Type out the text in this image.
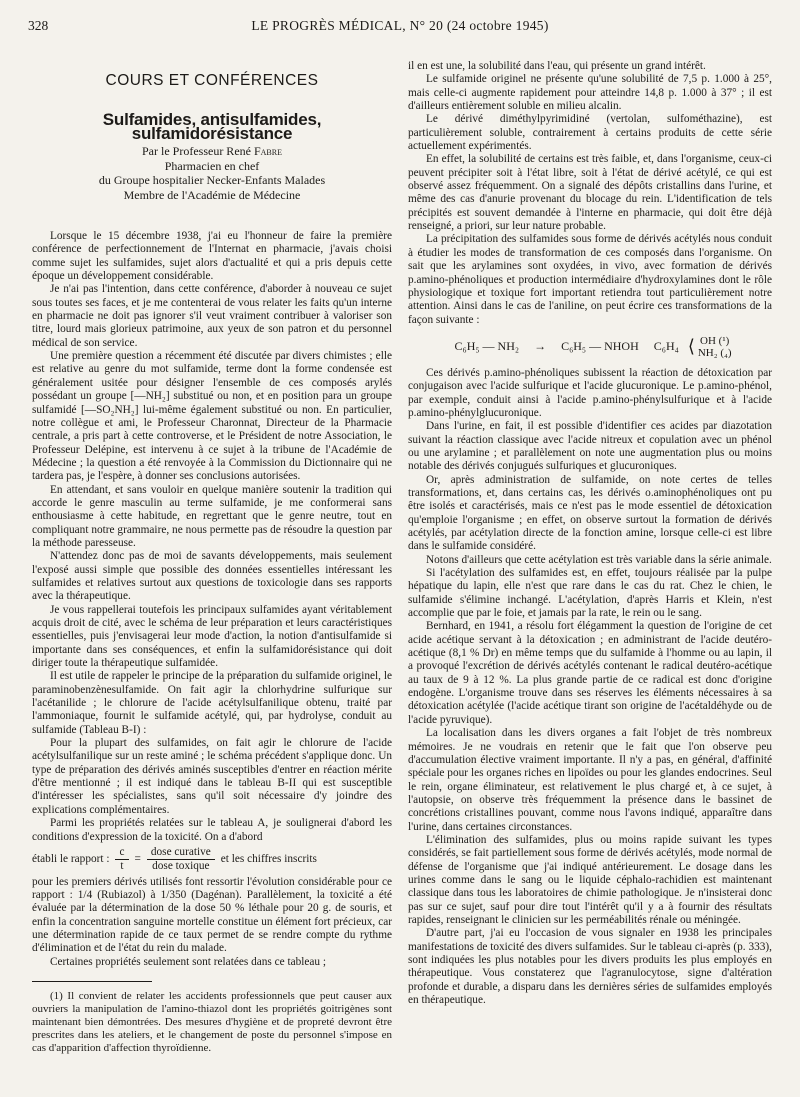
328	LE PROGRÈS MÉDICAL, N° 20 (24 octobre 1945)
COURS ET CONFÉRENCES
Sulfamides, antisulfamides, sulfamidorésistance

Par le Professeur René Fabre

Pharmacien en chef

du Groupe hospitalier Necker-Enfants Malades

Membre de l'Académie de Médecine

Lorsque le 15 décembre 1938, j'ai eu l'honneur de faire la première conférence de perfectionnement de l'Internat en pharmacie, j'avais choisi comme sujet les sulfamides, sujet alors d'actualité et qui a pris depuis cette époque un développement considérable.

Je n'ai pas l'intention, dans cette conférence, d'aborder à nouveau ce sujet sous toutes ses faces, et je me contenterai de vous relater les faits qu'un interne en pharmacie ne doit pas ignorer s'il veut vraiment contribuer à valoriser son titre, lourd mais glorieux patrimoine, aux yeux de son patron et du personnel médical de son service.

Une première question a récemment été discutée par divers chimistes ; elle est relative au genre du mot sulfamide, terme dont la forme condensée est généralement usitée pour désigner l'ensemble de ces composés arylés possédant un groupe [—NH₂] substitué ou non, et en position para un groupe sulfamidé [—SO₂NH₂] lui-même également substitué ou non. En particulier, notre collègue et ami, le Professeur Charonnat, Directeur de la Pharmacie centrale, a pris part à cette controverse, et le Président de notre Association, le Professeur Delépine, est intervenu à ce sujet à la tribune de l'Académie de Médecine ; la question a été renvoyée à la Commission du Dictionnaire qui ne tardera pas, je l'espère, à donner ses conclusions autorisées.

En attendant, et sans vouloir en quelque manière soutenir la tradition qui accorde le genre masculin au terme sulfamide, je me conformerai sans enthousiasme à cette habitude, en regrettant que le genre neutre, tout en compliquant notre grammaire, ne nous permette pas de résoudre la question par la méthode paresseuse.

N'attendez donc pas de moi de savants développements, mais seulement l'exposé aussi simple que possible des données essentielles intéressant les sulfamides et relatives surtout aux questions de toxicologie dans ses rapports avec la thérapeutique.

Je vous rappellerai toutefois les principaux sulfamides ayant véritablement acquis droit de cité, avec le schéma de leur préparation et leurs caractéristiques essentielles, puis j'envisagerai leur mode d'action, la notion d'antisulfamide si importante dans ses conséquences, et enfin la sulfamidorésistance qui doit diriger toute la thérapeutique sulfamidée.

Il est utile de rappeler le principe de la préparation du sulfamide originel, le paraminobenzènesulfamide. On fait agir la chlorhydrine sulfurique sur l'acétanilide ; le chlorure de l'acide acétylsulfanilique obtenu, traité par l'ammoniaque, fournit le sulfamide acétylé, qui, par hydrolyse, conduit au sulfamide (Tableau B-I) :

Pour la plupart des sulfamides, on fait agir le chlorure de l'acide acétylsulfanilique sur un reste aminé ; le schéma précédent s'applique donc. Un type de préparation des dérivés aminés susceptibles d'entrer en réaction mérite d'être mentionné ; il est indiqué dans le tableau B-II qui est susceptible d'intéresser les spécialistes, sans qu'il soit nécessaire d'y joindre des explications complémentaires.

Parmi les propriétés relatées sur le tableau A, je soulignerai d'abord les conditions d'expression de la toxicité. On a d'abord

établi le rapport : $\frac{c}{t} = \frac{\text{dose curative}}{\text{dose toxique}}$ et les chiffres inscrits

pour les premiers dérivés utilisés font ressortir l'évolution considérable pour ce rapport : 1/4 (Rubiazol) à 1/350 (Dagénan). Parallèlement, la toxicité a été évaluée par la détermination de la dose 50 % léthale pour 20 g. de souris, et enfin la concentration sanguine mortelle constitue un élément fort précieux, car une détermination rapide de ce taux permet de se rendre compte du rythme d'élimination et de l'état du rein du malade.

Certaines propriétés seulement sont relatées dans ce tableau ;

(1) Il convient de relater les accidents professionnels que peut causer aux ouvriers la manipulation de l'amino-thiazol dont les propriétés goitrigènes sont maintenant bien démontrées. Des mesures d'hygiène et de propreté devront être prescrites dans les ateliers, et le changement de poste du personnel s'impose en cas d'apparition d'affection thyroïdienne.

il en est une, la solubilité dans l'eau, qui présente un grand intérêt.

Le sulfamide originel ne présente qu'une solubilité de 7,5 p. 1.000 à 25°, mais celle-ci augmente rapidement pour atteindre 14,8 p. 1.000 à 37° ; il est d'ailleurs entièrement soluble en milieu alcalin.

Le dérivé diméthylpyrimidiné (vertolan, sulfométhazine), est particulièrement soluble, contrairement à certains produits de cette série actuellement expérimentés.

En effet, la solubilité de certains est très faible, et, dans l'organisme, ceux-ci peuvent précipiter soit à l'état libre, soit à l'état de dérivé acétylé, ce qui est observé assez fréquemment. On a signalé des dépôts cristallins dans l'urine, et même des cas d'anurie provenant du blocage du rein. L'identification de tels précipités est souvent demandée à l'interne en pharmacie, qui doit être déjà renseigné, a priori, sur leur nature probable.

La précipitation des sulfamides sous forme de dérivés acétylés nous conduit à étudier les modes de transformation de ces composés dans l'organisme. On sait que les arylamines sont oxydées, in vivo, avec formation de dérivés p.amino-phénoliques et production intermédiaire d'hydroxylamines dont le rôle physiologique et toxique fort important retiendra tout particulièrement notre attention. Ainsi dans le cas de l'aniline, on peut écrire ces transformations de la façon suivante :

C₆H₅ — NH₂ → C₆H₅ — NHOH C₆H₄ ⟨ OH (¹)
NH₂ (₄)

Ces dérivés p.amino-phénoliques subissent la réaction de détoxication par conjugaison avec l'acide sulfurique et l'acide glucuronique. Le p.amino-phénol, par exemple, conduit ainsi à l'acide p.amino-phénylsulfurique et à l'acide p.amino-phénylglucuronique.

Dans l'urine, en fait, il est possible d'identifier ces acides par diazotation suivant la réaction classique avec l'acide nitreux et copulation avec un phénol ou une arylamine ; et parallèlement on note une augmentation plus ou moins notable des dérivés conjugués sulfuriques et glucuroniques.

Or, après administration de sulfamide, on note certes de telles transformations, et, dans certains cas, les dérivés o.aminophénoliques ont pu être isolés et caractérisés, mais ce n'est pas le mode essentiel de détoxication qu'emploie l'organisme ; en effet, on observe surtout la formation de dérivés acétylés, par acétylation directe de la fonction amine, lorsque celle-ci est libre dans le sulfamide considéré.

Notons d'ailleurs que cette acétylation est très variable dans la série animale.

Si l'acétylation des sulfamides est, en effet, toujours réalisée par la pulpe hépatique du lapin, elle n'est que rare dans le cas du rat. Chez le chien, le sulfamide s'élimine inchangé. L'acétylation, d'après Harris et Klein, n'est accomplie que par le foie, et jamais par la rate, le rein ou le sang.

Bernhard, en 1941, a résolu fort élégamment la question de l'origine de cet acide acétique servant à la détoxication ; en administrant de l'acide deutéro-acétique (8,1 % Dr) en même temps que du sulfamide à l'homme ou au lapin, il a provoqué l'excrétion de dérivés acétylés contenant le radical deutéro-acétique au taux de 9 à 12 %. La plus grande partie de ce radical est donc d'origine endogène. L'organisme trouve dans ses réserves les éléments nécessaires à sa détoxication acétylée (l'acide acétique tirant son origine de l'acétaldéhyde ou de l'acide pyruvique).

La localisation dans les divers organes a fait l'objet de très nombreux mémoires. Je ne voudrais en retenir que le fait que l'on observe peu d'accumulation élective vraiment importante. Il n'y a pas, en général, d'affinité spéciale pour les organes riches en lipoïdes ou pour les glandes endocrines. Seul le rein, organe éliminateur, est relativement le plus chargé et, à ce sujet, à l'autopsie, on observe très fréquemment la présence dans le bassinet de concrétions cristallines pouvant, comme nous l'avons indiqué, apparaître dans l'urine, dans certaines circonstances.

L'élimination des sulfamides, plus ou moins rapide suivant les types considérés, se fait partiellement sous forme de dérivés acétylés, mode normal de défense de l'organisme que j'ai indiqué antérieurement. Le dosage dans les urines comme dans le sang ou le liquide céphalo-rachidien est maintenant classique dans tous les laboratoires de chimie pathologique. Je n'insisterai donc pas sur ce sujet, sauf pour dire tout l'intérêt qu'il y a à fournir des résultats rapides, renseignant le clinicien sur les perméabilités rénale ou méningée.

D'autre part, j'ai eu l'occasion de vous signaler en 1938 les principales manifestations de toxicité des divers sulfamides. Sur le tableau ci-après (p. 333), sont indiquées les plus notables pour les divers produits les plus employés en thérapeutique. Vous constaterez que l'agranulocytose, signe d'altération profonde et durable, a disparu dans les dernières séries de sulfamides employés en thérapeutique.
